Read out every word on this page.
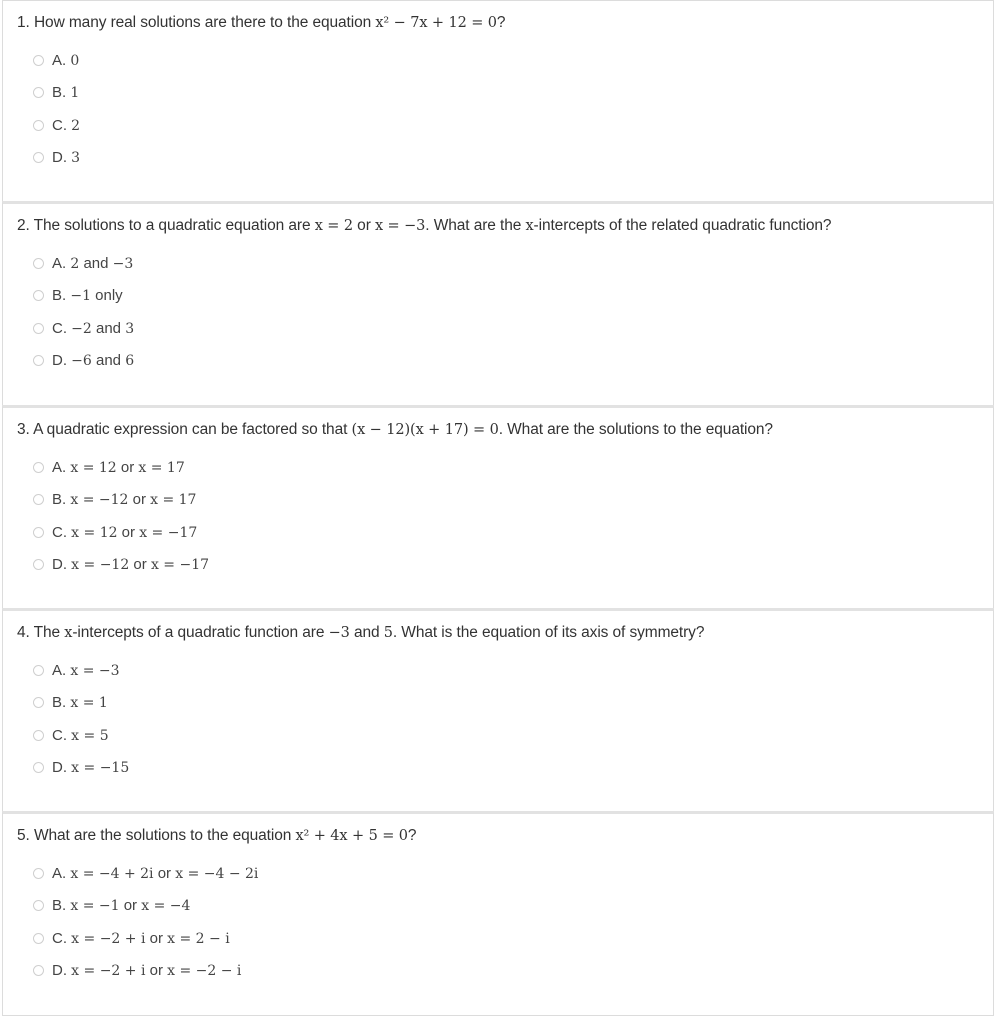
1. How many real solutions are there to the equation x² − 7x + 12 = 0?
A. 0
B. 1
C. 2
D. 3
2. The solutions to a quadratic equation are x = 2 or x = −3. What are the x-intercepts of the related quadratic function?
A. 2 and −3
B. −1 only
C. −2 and 3
D. −6 and 6
3. A quadratic expression can be factored so that (x − 12)(x + 17) = 0. What are the solutions to the equation?
A. x = 12 or x = 17
B. x = −12 or x = 17
C. x = 12 or x = −17
D. x = −12 or x = −17
4. The x-intercepts of a quadratic function are −3 and 5. What is the equation of its axis of symmetry?
A. x = −3
B. x = 1
C. x = 5
D. x = −15
5. What are the solutions to the equation x² + 4x + 5 = 0?
A. x = −4 + 2i or x = −4 − 2i
B. x = −1 or x = −4
C. x = −2 + i or x = 2 − i
D. x = −2 + i or x = −2 − i
